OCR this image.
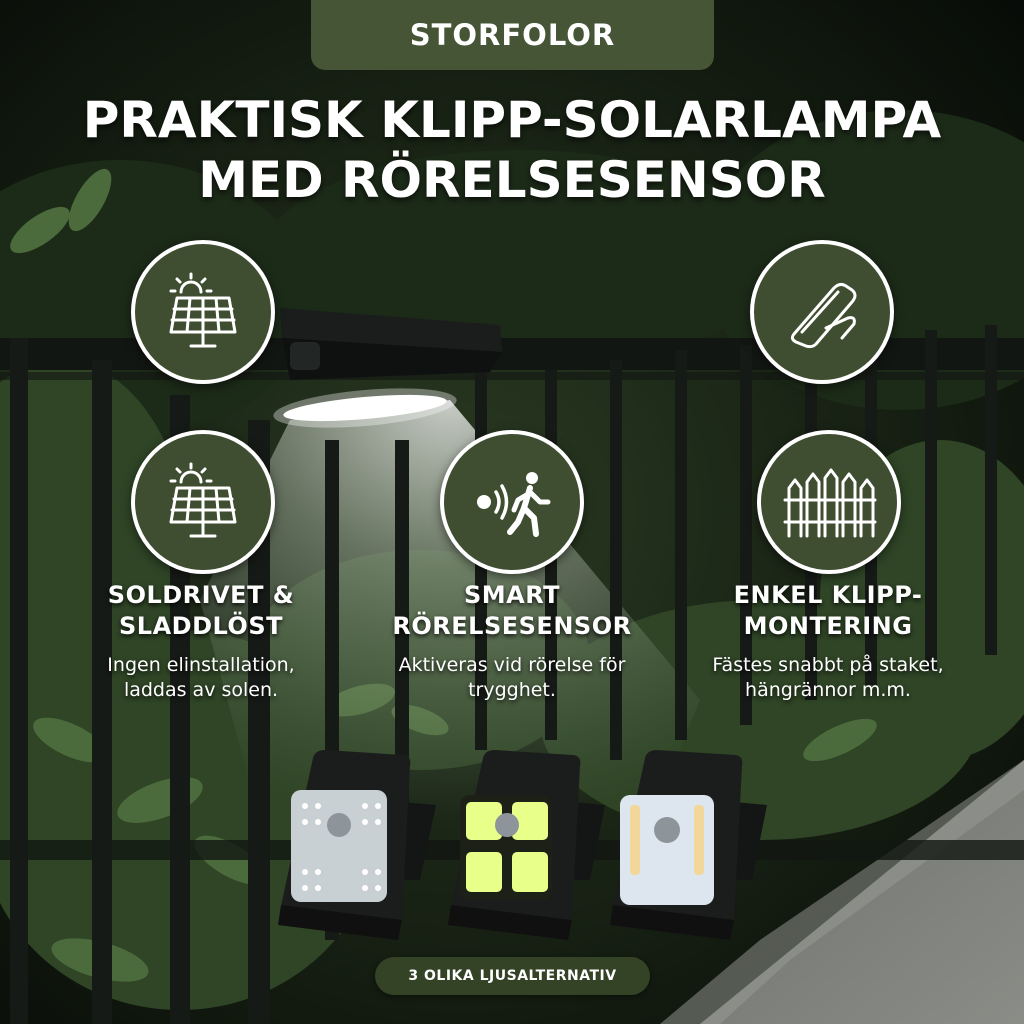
STORFOLOR
PRAKTISK KLIPP-SOLARLAMPA
MED RÖRELSESENSOR
SOLDRIVET &
SLADDLÖST
Ingen elinstallation,
laddas av solen.
SMART
RÖRELSESENSOR
Aktiveras vid rörelse för
trygghet.
ENKEL KLIPP-
MONTERING
Fästes snabbt på staket,
hängrännor m.m.
3 OLIKA LJUSALTERNATIV
